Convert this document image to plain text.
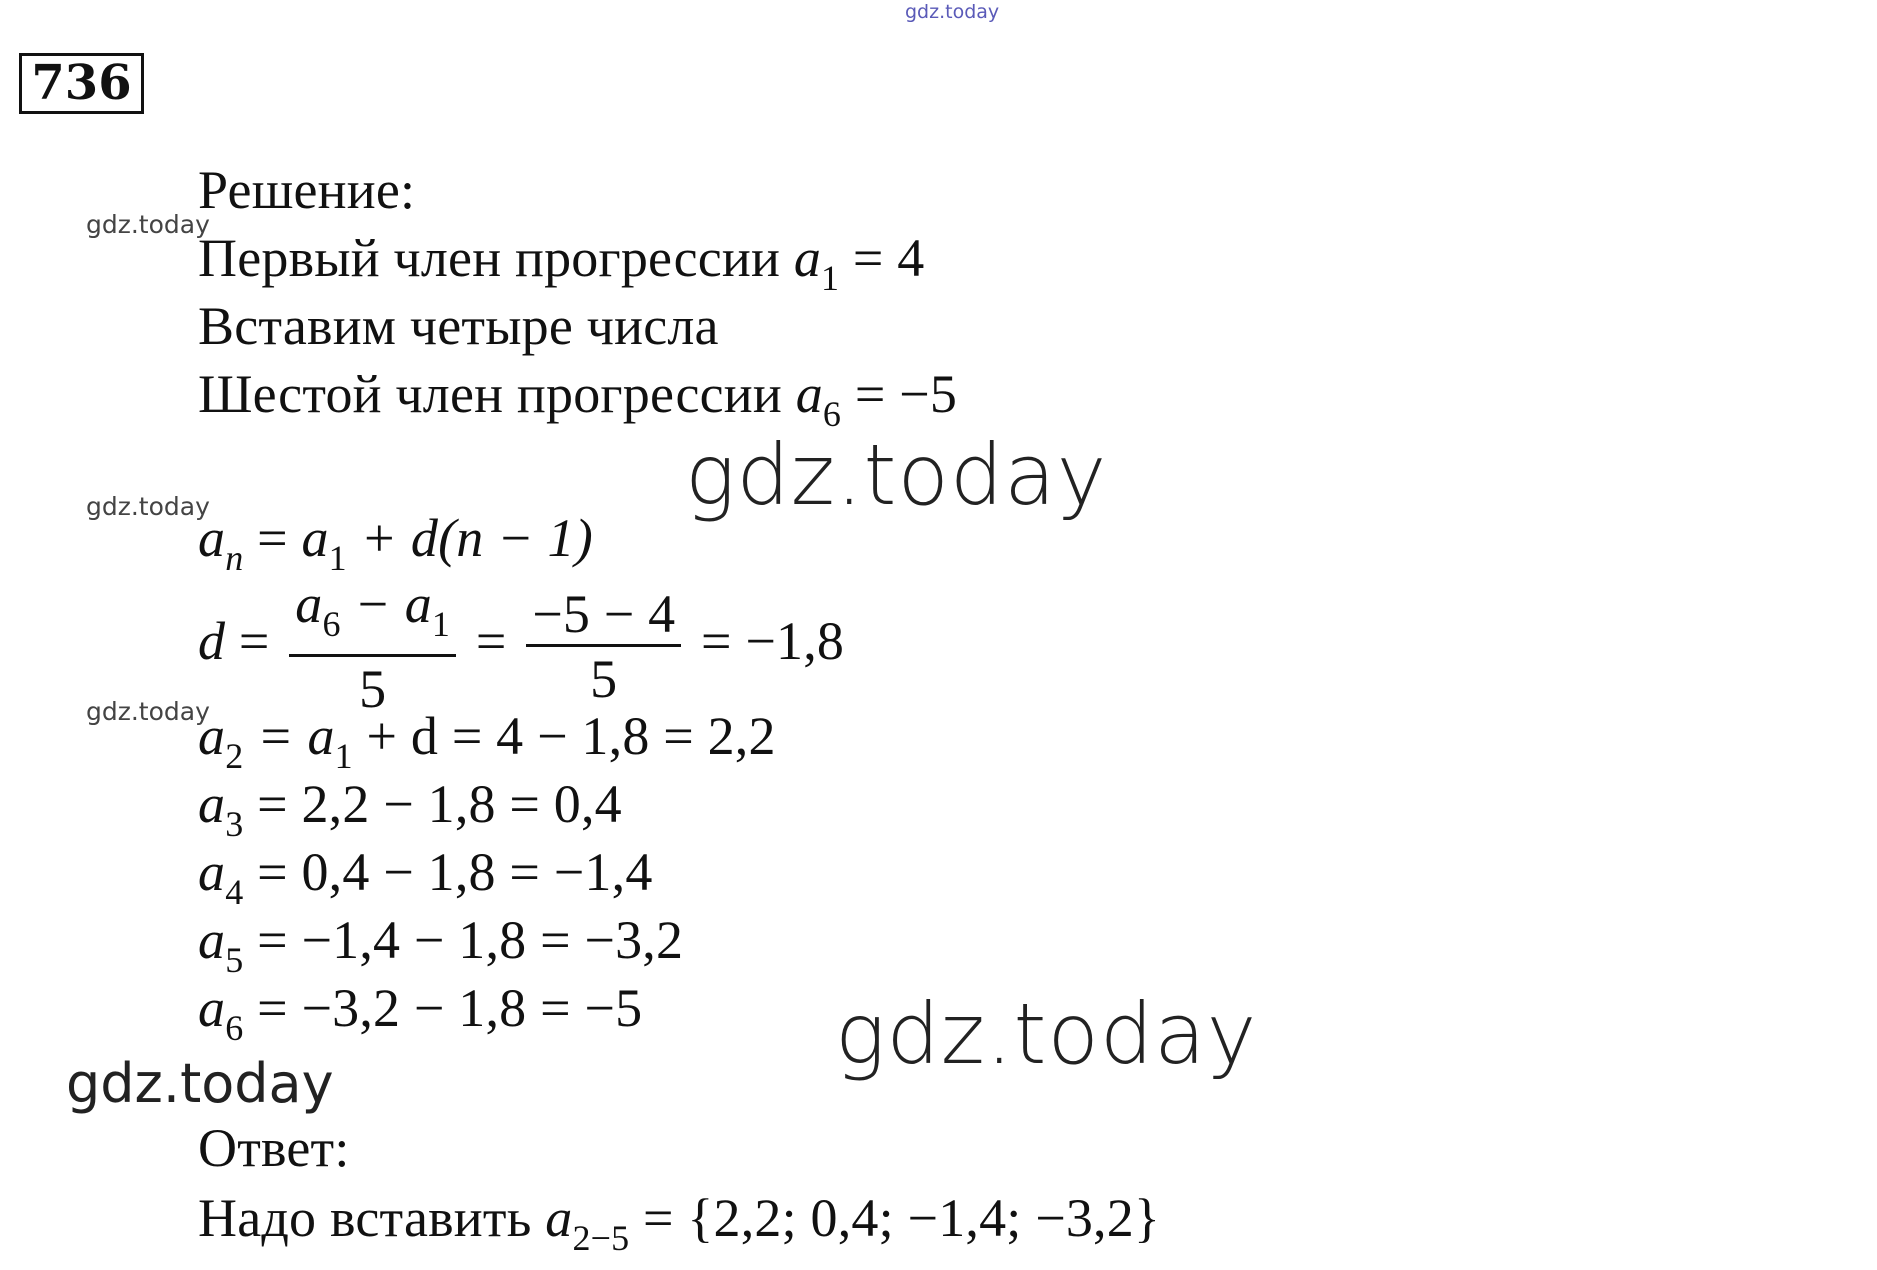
gdz.today
736
Решение:
gdz.today
Первый член прогрессии $a_1 = 4$
Вставим четыре числа
Шестой член прогрессии $a_6 = -5$
gdz.today
gdz.today
$a_n = a_1 + d(n - 1)$
$d = \frac{a_6 - a_1}{5} = \frac{-5 - 4}{5} = -1,8$
gdz.today
$a_2 = a_1 + d = 4 - 1,8 = 2,2$
$a_3 = 2,2 - 1,8 = 0,4$
$a_4 = 0,4 - 1,8 = -1,4$
$a_5 = -1,4 - 1,8 = -3,2$
$a_6 = -3,2 - 1,8 = -5$ gdz.today
gdz.today
Ответ:
Надо вставить $a_{2-5} = \{2,2$; 0,4; −1,4; −3,2}
